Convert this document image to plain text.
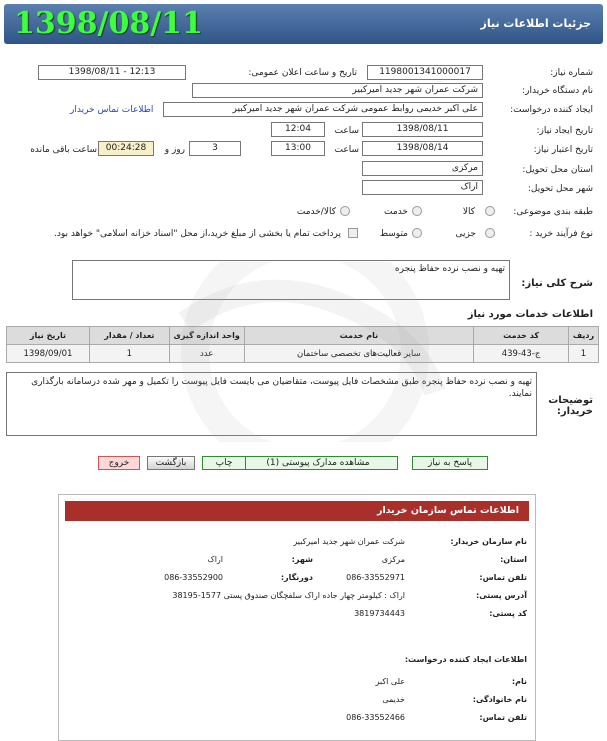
1398/08/11	جزئیات اطلاعات نیاز
شماره نیاز:
1198001341000017
تاریخ و ساعت اعلان عمومی:
1398/08/11 - 12:13
نام دستگاه خریدار:
شرکت عمران شهر جدید امیرکبیر
ایجاد کننده درخواست:
علی اکبر خدیمی روابط عمومی شرکت عمران شهر جدید امیرکبیر
اطلاعات تماس خریدار
تاریخ ایجاد نیاز:
1398/08/11
ساعت
12:04
تاریخ اعتبار نیاز:
1398/08/14
ساعت
13:00
3
روز و
00:24:28
ساعت باقی مانده
استان محل تحویل:
مرکزی
شهر محل تحویل:
اراک
طبقه بندی موضوعی:
کالا
خدمت
کالا/خدمت
نوع فرآیند خرید :
جزیی
متوسط
پرداخت تمام یا بخشی از مبلغ خرید،از محل "اسناد خزانه اسلامی" خواهد بود.
شرح کلی نیاز:
تهیه و نصب نرده حفاظ پنجره
اطلاعات خدمات مورد نیاز
تاریخ نیاز	تعداد / مقدار	واحد اندازه گیری	نام خدمت	کد خدمت	ردیف
1398/09/01	1	عدد	سایر فعالیت‌های تخصصی ساختمان	ج-43-439	1
توضیحات خریدار:
تهیه و نصب نرده حفاظ پنجره طبق مشخصات فایل پیوست، متقاضیان می بایست فایل پیوست را تکمیل و مهر شده درسامانه بارگذاری نمایند.
پاسخ به نیاز
مشاهده مدارک پیوستی (1)
چاپ
بازگشت
خروج
اطلاعات تماس سازمان خریدار
نام سازمان خریدار:
شرکت عمران شهر جدید امیرکبیر
استان:
مرکزی
شهر:
اراک
تلفن تماس:
086-33552971
دورنگار:
086-33552900
آدرس پستی:
اراک : کیلومتر چهار جاده اراک سلفچگان صندوق پستی 1577-38195
کد پستی:
3819734443
اطلاعات ایجاد کننده درخواست:
نام:
علی اکبر
نام خانوادگی:
خدیمی
تلفن تماس:
086-33552466
